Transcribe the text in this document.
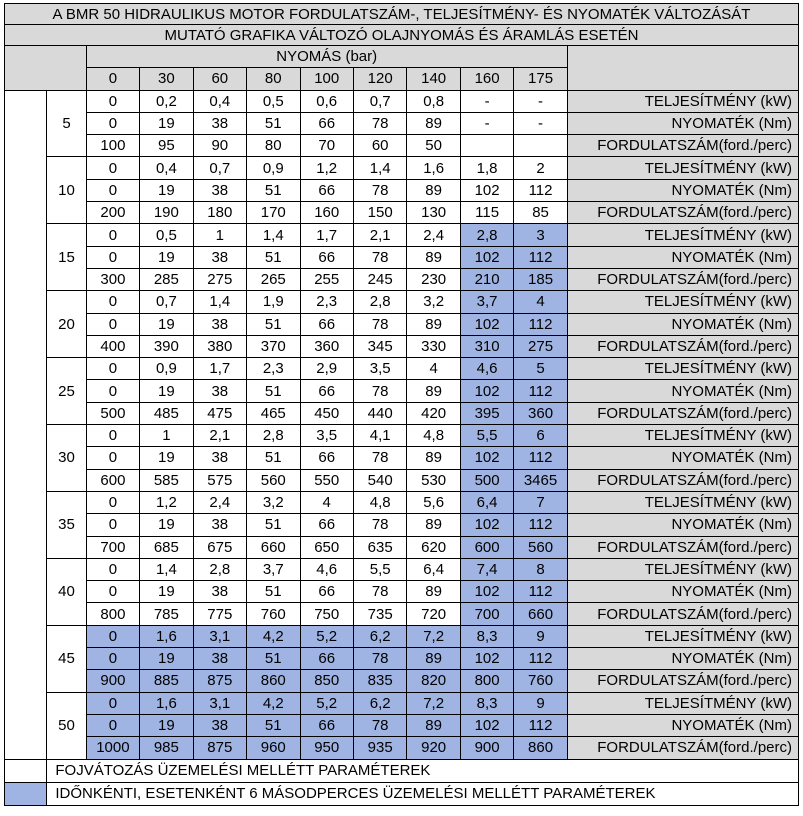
A BMR 50 HIDRAULIKUS MOTOR FORDULATSZÁM-, TELJESÍTMÉNY- ÉS NYOMATÉK VÁLTOZÁSÁT											
MUTATÓ GRAFIKA VÁLTOZÓ OLAJNYOMÁS ÉS ÁRAMLÁS ESETÉN											
		NYOMÁS (bar)									
		0	30	60	80	100	120	140	160	175	
	5	0	0,2	0,4	0,5	0,6	0,7	0,8	-	-	TELJESÍTMÉNY (kW)
		0	19	38	51	66	78	89	-	-	NYOMATÉK (Nm)
		100	95	90	80	70	60	50			FORDULATSZÁM(ford./perc)
	10	0	0,4	0,7	0,9	1,2	1,4	1,6	1,8	2	TELJESÍTMÉNY (kW)
		0	19	38	51	66	78	89	102	112	NYOMATÉK (Nm)
		200	190	180	170	160	150	130	115	85	FORDULATSZÁM(ford./perc)
	15	0	0,5	1	1,4	1,7	2,1	2,4	2,8	3	TELJESÍTMÉNY (kW)
		0	19	38	51	66	78	89	102	112	NYOMATÉK (Nm)
		300	285	275	265	255	245	230	210	185	FORDULATSZÁM(ford./perc)
	20	0	0,7	1,4	1,9	2,3	2,8	3,2	3,7	4	TELJESÍTMÉNY (kW)
		0	19	38	51	66	78	89	102	112	NYOMATÉK (Nm)
		400	390	380	370	360	345	330	310	275	FORDULATSZÁM(ford./perc)
	25	0	0,9	1,7	2,3	2,9	3,5	4	4,6	5	TELJESÍTMÉNY (kW)
		0	19	38	51	66	78	89	102	112	NYOMATÉK (Nm)
		500	485	475	465	450	440	420	395	360	FORDULATSZÁM(ford./perc)
	30	0	1	2,1	2,8	3,5	4,1	4,8	5,5	6	TELJESÍTMÉNY (kW)
		0	19	38	51	66	78	89	102	112	NYOMATÉK (Nm)
		600	585	575	560	550	540	530	500	3465	FORDULATSZÁM(ford./perc)
	35	0	1,2	2,4	3,2	4	4,8	5,6	6,4	7	TELJESÍTMÉNY (kW)
		0	19	38	51	66	78	89	102	112	NYOMATÉK (Nm)
		700	685	675	660	650	635	620	600	560	FORDULATSZÁM(ford./perc)
	40	0	1,4	2,8	3,7	4,6	5,5	6,4	7,4	8	TELJESÍTMÉNY (kW)
		0	19	38	51	66	78	89	102	112	NYOMATÉK (Nm)
		800	785	775	760	750	735	720	700	660	FORDULATSZÁM(ford./perc)
	45	0	1,6	3,1	4,2	5,2	6,2	7,2	8,3	9	TELJESÍTMÉNY (kW)
		0	19	38	51	66	78	89	102	112	NYOMATÉK (Nm)
		900	885	875	860	850	835	820	800	760	FORDULATSZÁM(ford./perc)
	50	0	1,6	3,1	4,2	5,2	6,2	7,2	8,3	9	TELJESÍTMÉNY (kW)
		0	19	38	51	66	78	89	102	112	NYOMATÉK (Nm)
		1000	985	875	960	950	935	920	900	860	FORDULATSZÁM(ford./perc)
	FOJVÁTOZÁS ÜZEMELÉSI MELLÉTT PARAMÉTEREK										
	IDŐNKÉNTI, ESETENKÉNT 6 MÁSODPERCES ÜZEMELÉSI MELLÉTT PARAMÉTEREK										
